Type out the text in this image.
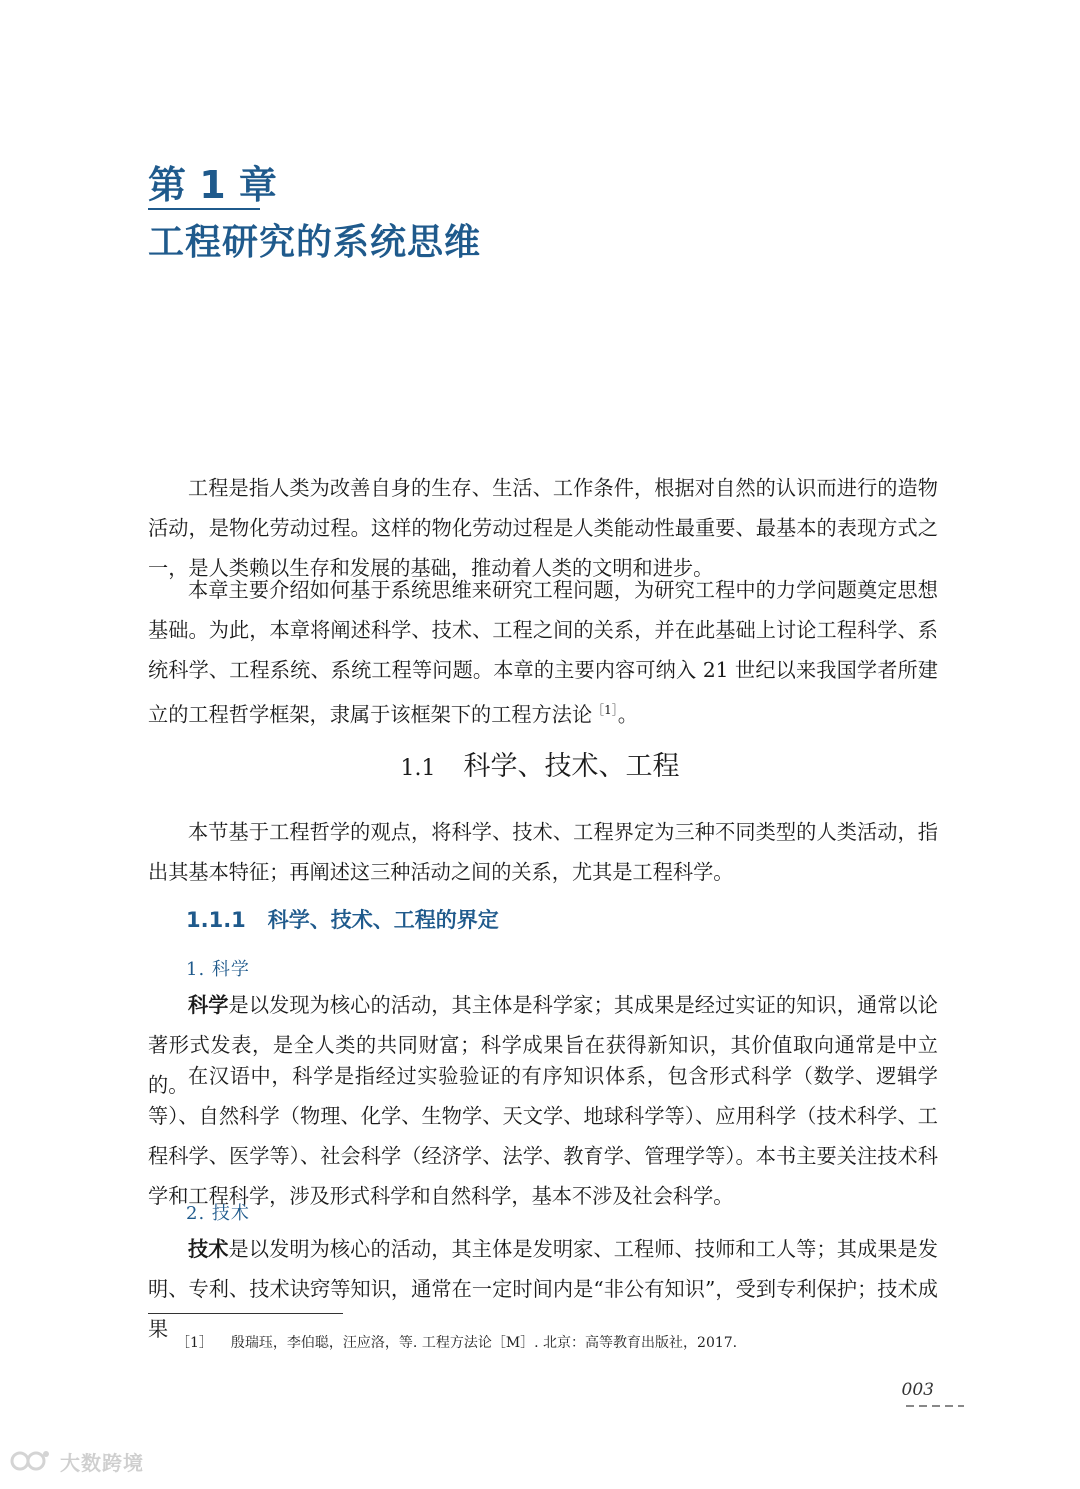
第 1 章
工程研究的系统思维

工程是指人类为改善自身的生存、生活、工作条件，根据对自然的认识而进行的造物活动，是物化劳动过程。这样的物化劳动过程是人类能动性最重要、最基本的表现方式之一，是人类赖以生存和发展的基础，推动着人类的文明和进步。

本章主要介绍如何基于系统思维来研究工程问题，为研究工程中的力学问题奠定思想基础。为此，本章将阐述科学、技术、工程之间的关系，并在此基础上讨论工程科学、系统科学、工程系统、系统工程等问题。本章的主要内容可纳入 21 世纪以来我国学者所建立的工程哲学框架，隶属于该框架下的工程方法论$^{[1]}$。

1.1 科学、技术、工程

本节基于工程哲学的观点，将科学、技术、工程界定为三种不同类型的人类活动，指出其基本特征；再阐述这三种活动之间的关系，尤其是工程科学。

1.1.1 科学、技术、工程的界定
1. 科学

科学是以发现为核心的活动，其主体是科学家；其成果是经过实证的知识，通常以论著形式发表，是全人类的共同财富；科学成果旨在获得新知识，其价值取向通常是中立的。 在汉语中，科学是指经过实验验证的有序知识体系，包含形式科学（数学、逻辑学等）、自然科学（物理、化学、生物学、天文学、地球科学等）、应用科学（技术科学、工程科学、医学等）、社会科学（经济学、法学、教育学、管理学等）。本书主要关注技术科学和工程科学，涉及形式科学和自然科学，基本不涉及社会科学。

2. 技术

技术是以发明为核心的活动，其主体是发明家、工程师、技师和工人等；其成果是发明、专利、技术诀窍等知识，通常在一定时间内是“非公有知识”，受到专利保护；技术成果

［1］ 殷瑞珏，李伯聪，汪应洛，等. 工程方法论［M］. 北京：高等教育出版社，2017.
003
大数跨境
